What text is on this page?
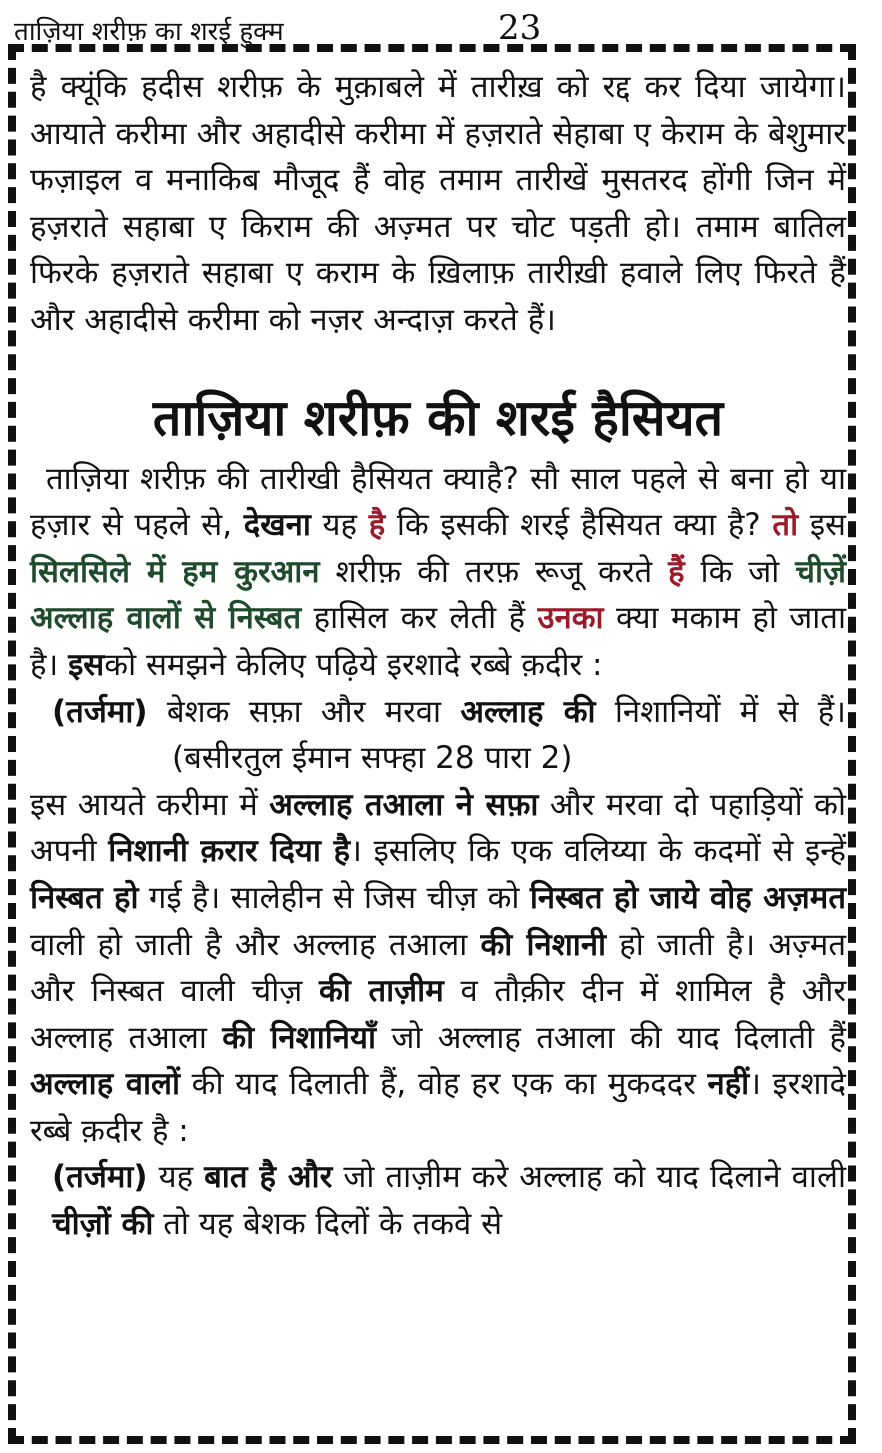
ताज़िया शरीफ़ का शरई हुक्म	23

है क्यूंकि हदीस शरीफ़ के मुक़ाबले में तारीख़ को रद्द कर दिया जायेगा। आयाते करीमा और अहादीसे करीमा में हज़राते सेहाबा ए केराम के बेशुमार फज़ाइल व मनाकिब मौजूद हैं वोह तमाम तारीखें मुसतरद होंगी जिन में हज़राते सहाबा ए किराम की अज़्मत पर चोट पड़ती हो। तमाम बातिल फिरके हज़राते सहाबा ए कराम के ख़िलाफ़ तारीख़ी हवाले लिए फिरते हैं और अहादीसे करीमा को नज़र अन्दाज़ करते हैं।

ताज़िया शरीफ़ की शरई हैसियत

ताज़िया शरीफ़ की तारीखी हैसियत क्याहै? सौ साल पहले से बना हो या हज़ार से पहले से, देखना यह है कि इसकी शरई हैसियत क्या है? तो इस सिलसिले में हम कुरआन शरीफ़ की तरफ़ रूजू करते हैं कि जो चीज़ें अल्लाह वालों से निस्बत हासिल कर लेती हैं उनका क्या मकाम हो जाता है। इसको समझने केलिए पढ़िये इरशादे रब्बे क़दीर :

(तर्जमा) बेशक सफ़ा और मरवा अल्लाह की निशानियों में से हैं।(बसीरतुल ईमान सफ्हा 28 पारा 2)

इस आयते करीमा में अल्लाह तआला ने सफ़ा और मरवा दो पहाड़ियों को अपनी निशानी क़रार दिया है। इसलिए कि एक वलिय्या के कदमों से इन्हें निस्बत हो गई है। सालेहीन से जिस चीज़ को निस्बत हो जाये वोह अज़मत वाली हो जाती है और अल्लाह तआला की निशानी हो जाती है। अज़्मत और निस्बत वाली चीज़ की ताज़ीम व तौक़ीर दीन में शामिल है और अल्लाह तआला की निशानियाँ जो अल्लाह तआला की याद दिलाती हैं अल्लाह वालों की याद दिलाती हैं, वोह हर एक का मुकददर नहीं। इरशादे रब्बे क़दीर है :

(तर्जमा) यह बात है और जो ताज़ीम करे अल्लाह को याद दिलाने वाली चीज़ों की तो यह बेशक दिलों के तकवे से
